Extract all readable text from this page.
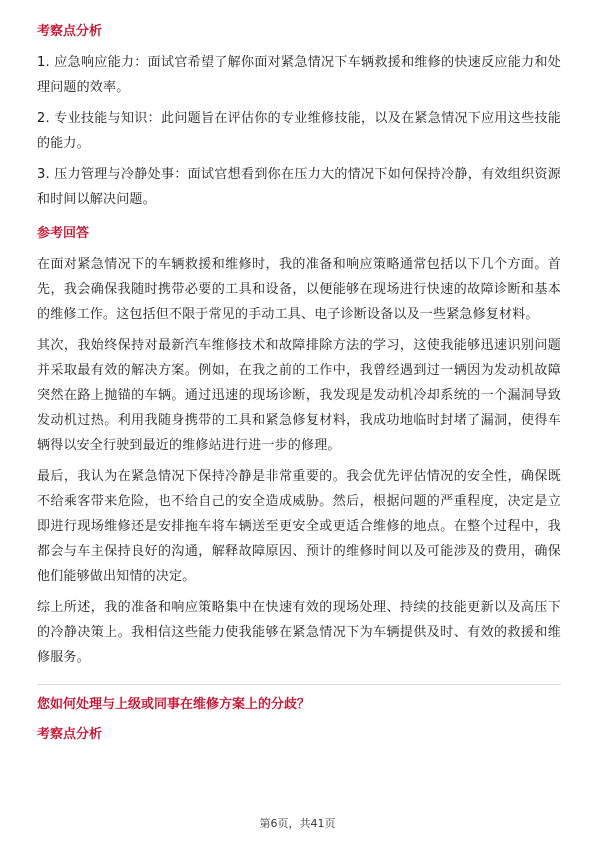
考察点分析

1. 应急响应能力：面试官希望了解你面对紧急情况下车辆救援和维修的快速反应能力和处理问题的效率。

2. 专业技能与知识：此问题旨在评估你的专业维修技能，以及在紧急情况下应用这些技能的能力。

3. 压力管理与冷静处事：面试官想看到你在压力大的情况下如何保持冷静，有效组织资源和时间以解决问题。

参考回答

在面对紧急情况下的车辆救援和维修时，我的准备和响应策略通常包括以下几个方面。首先，我会确保我随时携带必要的工具和设备，以便能够在现场进行快速的故障诊断和基本的维修工作。这包括但不限于常见的手动工具、电子诊断设备以及一些紧急修复材料。

其次，我始终保持对最新汽车维修技术和故障排除方法的学习，这使我能够迅速识别问题并采取最有效的解决方案。例如，在我之前的工作中，我曾经遇到过一辆因为发动机故障突然在路上抛锚的车辆。通过迅速的现场诊断，我发现是发动机冷却系统的一个漏洞导致发动机过热。利用我随身携带的工具和紧急修复材料，我成功地临时封堵了漏洞，使得车辆得以安全行驶到最近的维修站进行进一步的修理。

最后，我认为在紧急情况下保持冷静是非常重要的。我会优先评估情况的安全性，确保既不给乘客带来危险，也不给自己的安全造成威胁。然后，根据问题的严重程度，决定是立即进行现场维修还是安排拖车将车辆送至更安全或更适合维修的地点。在整个过程中，我都会与车主保持良好的沟通，解释故障原因、预计的维修时间以及可能涉及的费用，确保他们能够做出知情的决定。

综上所述，我的准备和响应策略集中在快速有效的现场处理、持续的技能更新以及高压下的冷静决策上。我相信这些能力使我能够在紧急情况下为车辆提供及时、有效的救援和维修服务。

您如何处理与上级或同事在维修方案上的分歧？
考察点分析
第6页，共41页
